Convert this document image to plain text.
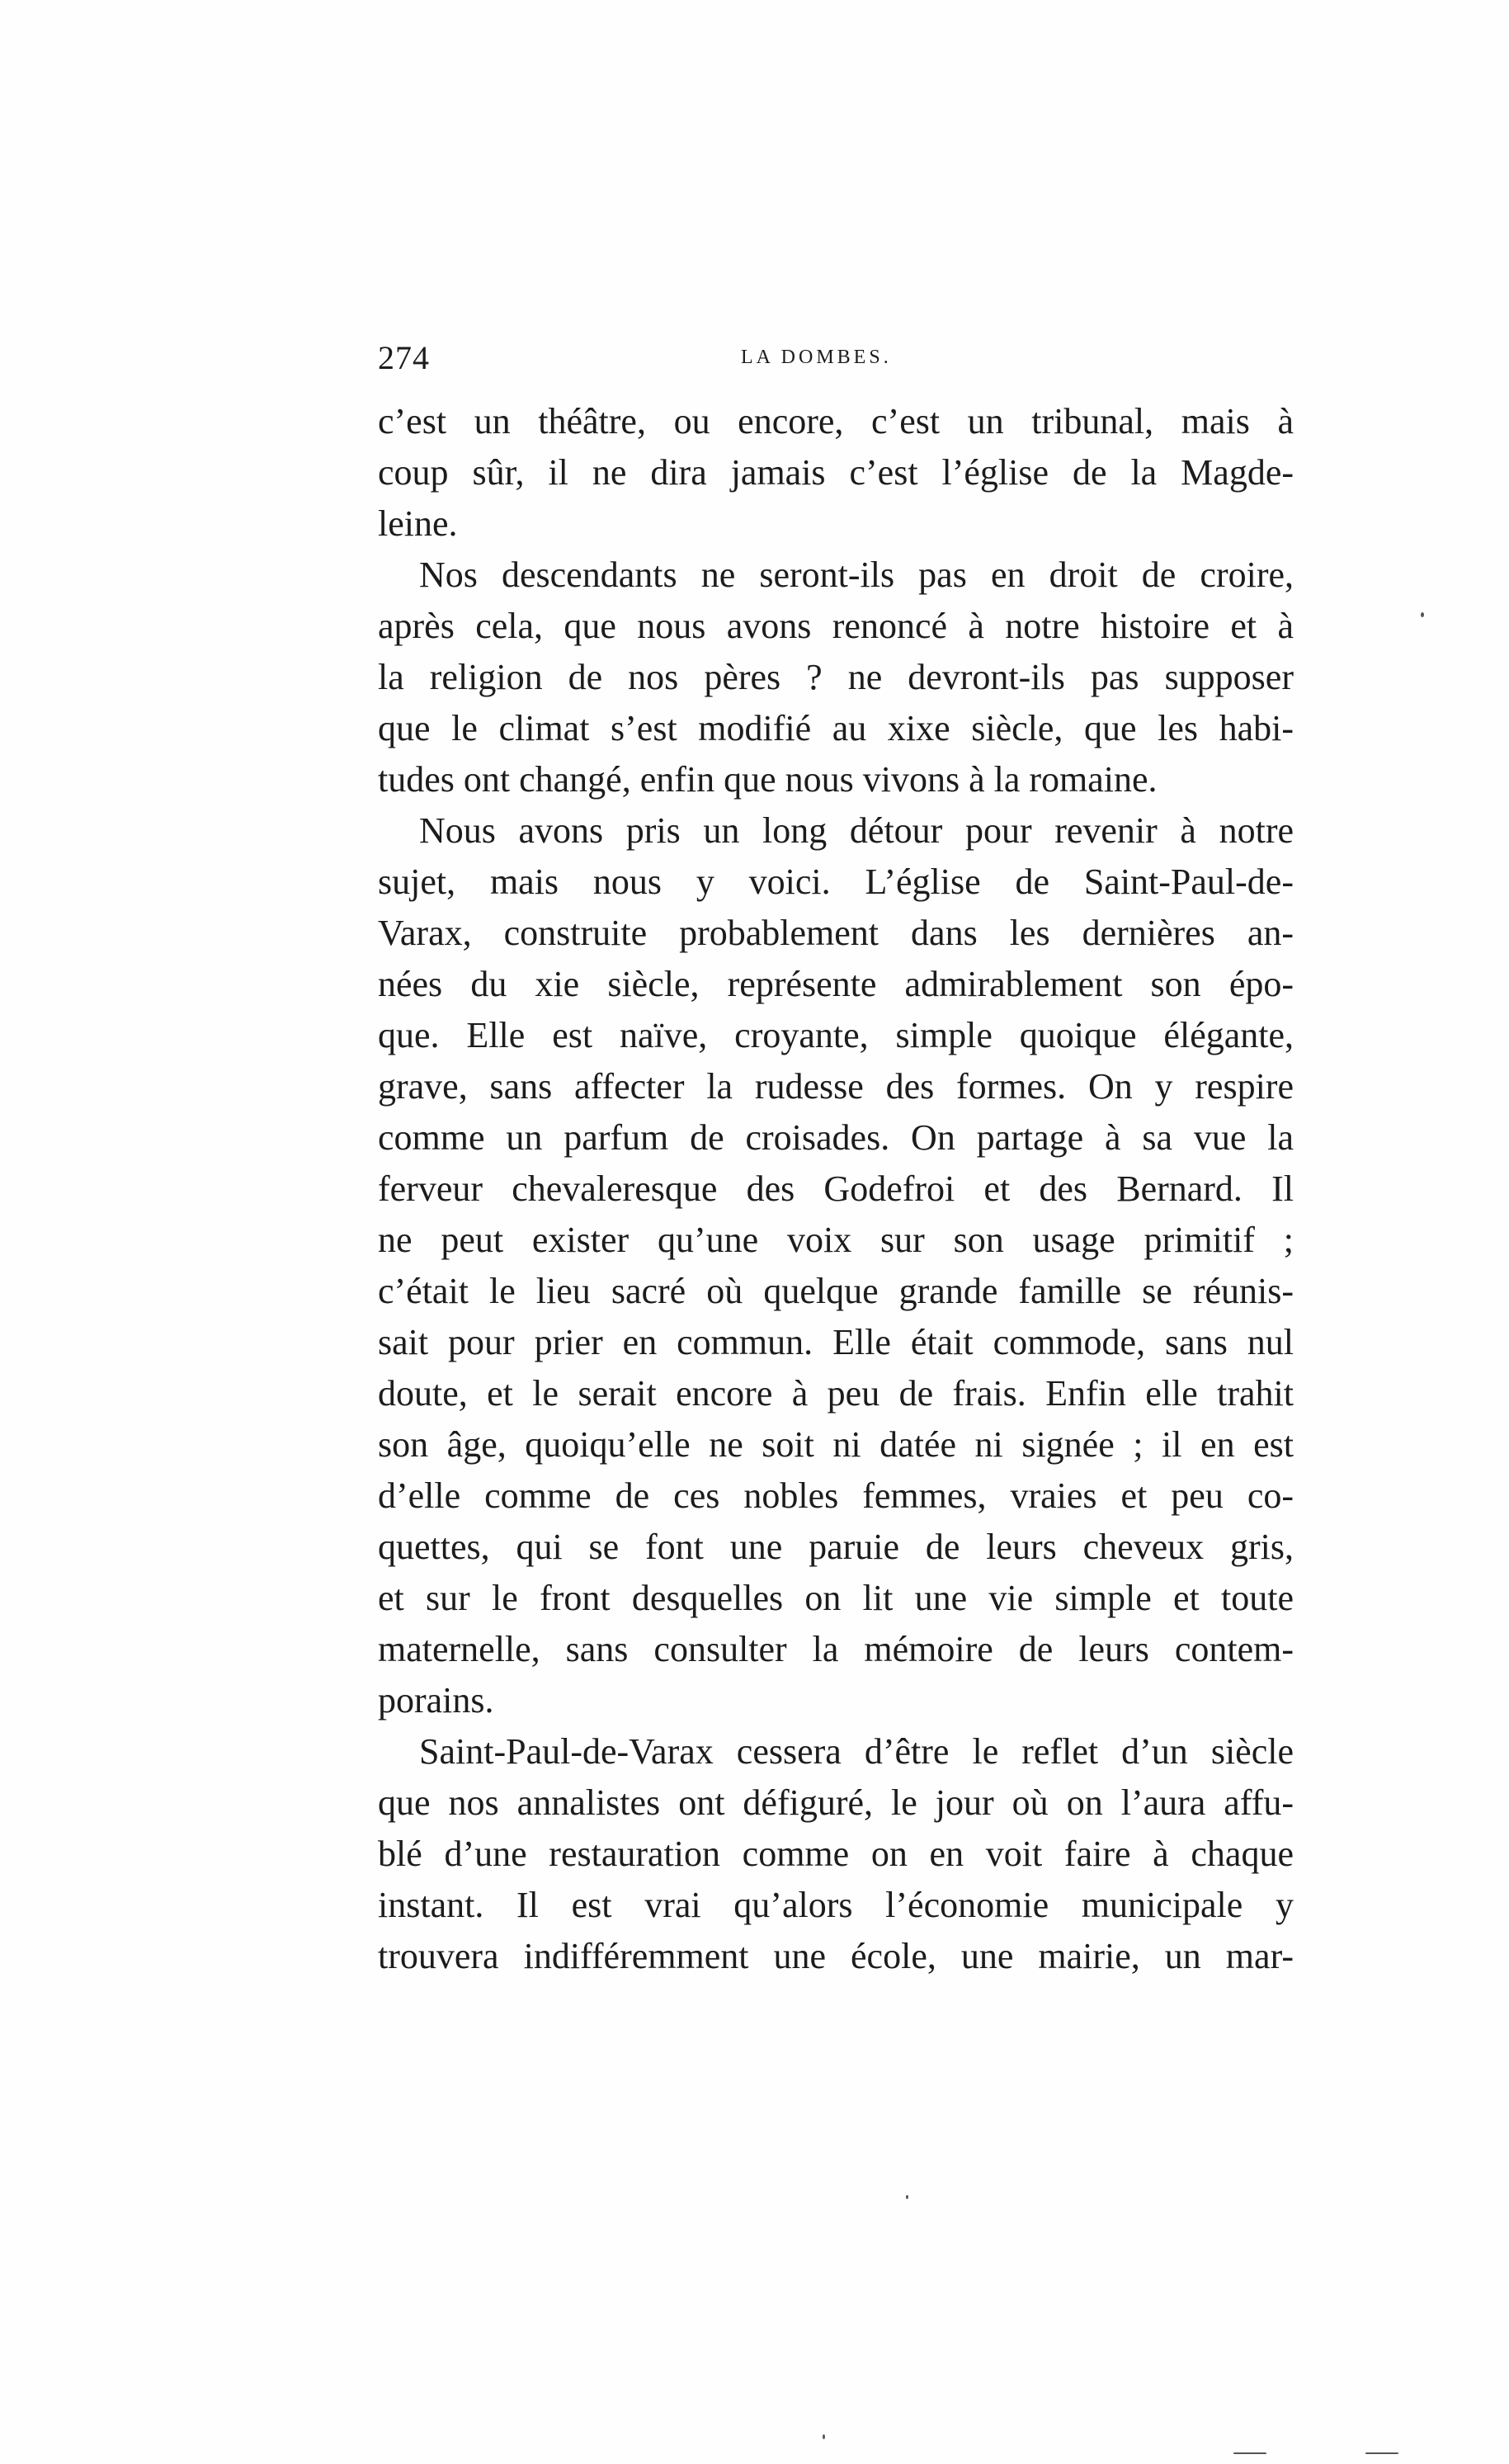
274	LA DOMBES.
c’est un théâtre, ou encore, c’est un tribunal, mais à
coup sûr, il ne dira jamais c’est l’église de la Magde-
leine.
Nos descendants ne seront-ils pas en droit de croire,
après cela, que nous avons renoncé à notre histoire et à
la religion de nos pères ? ne devront-ils pas supposer
que le climat s’est modifié au xixe siècle, que les habi-
tudes ont changé, enfin que nous vivons à la romaine.
Nous avons pris un long détour pour revenir à notre
sujet, mais nous y voici. L’église de Saint-Paul-de-
Varax, construite probablement dans les dernières an-
nées du xie siècle, représente admirablement son épo-
que. Elle est naïve, croyante, simple quoique élégante,
grave, sans affecter la rudesse des formes. On y respire
comme un parfum de croisades. On partage à sa vue la
ferveur chevaleresque des Godefroi et des Bernard. Il
ne peut exister qu’une voix sur son usage primitif ;
c’était le lieu sacré où quelque grande famille se réunis-
sait pour prier en commun. Elle était commode, sans nul
doute, et le serait encore à peu de frais. Enfin elle trahit
son âge, quoiqu’elle ne soit ni datée ni signée ; il en est
d’elle comme de ces nobles femmes, vraies et peu co-
quettes, qui se font une paruie de leurs cheveux gris,
et sur le front desquelles on lit une vie simple et toute
maternelle, sans consulter la mémoire de leurs contem-
porains.
Saint-Paul-de-Varax cessera d’être le reflet d’un siècle
que nos annalistes ont défiguré, le jour où on l’aura affu-
blé d’une restauration comme on en voit faire à chaque
instant. Il est vrai qu’alors l’économie municipale y
trouvera indifféremment une école, une mairie, un mar-
